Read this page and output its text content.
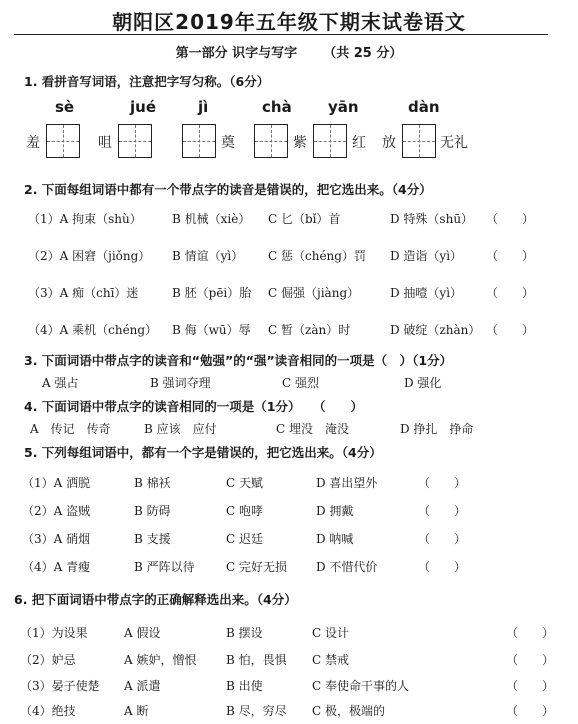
朝阳区2019年五年级下期末试卷语文
第一部分 识字与写字 （共 25 分）
1. 看拼音写词语，注意把字写匀称。（6分）
sè	jué	jì	chà yān	dàn
羞	咀	奠	紫	红 放	无礼
2. 下面每组词语中都有一个带点字的读音是错误的，把它选出来。（4分）
（1）A 拘束（shù）	B 机械（xiè） C 匕（bǐ）首	D 特殊（shū） （　　）
（2）A 困窘（jiǒng） B 情谊（yì） C 惩（chéng）罚 D 造诣（yì） （　　）
（3）A 痴（chī）迷	B 胚（pēi）胎 C 倔强（jiàng）	D 抽噎（yì） （　　）
（4）A 乘机（chéng） B 侮（wū）辱 C 暂（zàn）时	D 破绽（zhàn） （　　）
3. 下面词语中带点字的读音和“勉强”的“强”读音相同的一项是（　）（1分）
A 强占	B 强词夺理	C 强烈	D 强化
4. 下面词语中带点字的读音相同的一项是（1分）　　（　　）
A　传记　传奇	B 应该　应付	C 埋没　淹没	D 挣扎　挣命
5. 下列每组词语中，都有一个字是错误的，把它选出来。（4分）
（1）A 洒脱	B 棉袄	C 天赋	D 喜出望外	（　　）
（2）A 盗贼	B 防碍	C 咆哮	D 拥戴	（　　）
（3）A 硝烟	B 支援	C 迟廷	D 呐喊	（　　）
（4）A 青瘦	B 严阵以待	C 完好无损 D 不惜代价	（　　）
6. 把下面词语中带点字的正确解释选出来。（4分）
（1）为设果	A 假设	B 摆设	C 设计	（　　）
（2）妒忌	A 嫉妒，憎恨 B 怕，畏惧 C 禁戒	（　　）
（3）晏子使楚 A 派遣	B 出使	C 奉使命干事的人	（　　）
（4）绝技	A 断	B 尽，穷尽 C 极，极端的	（　　）
